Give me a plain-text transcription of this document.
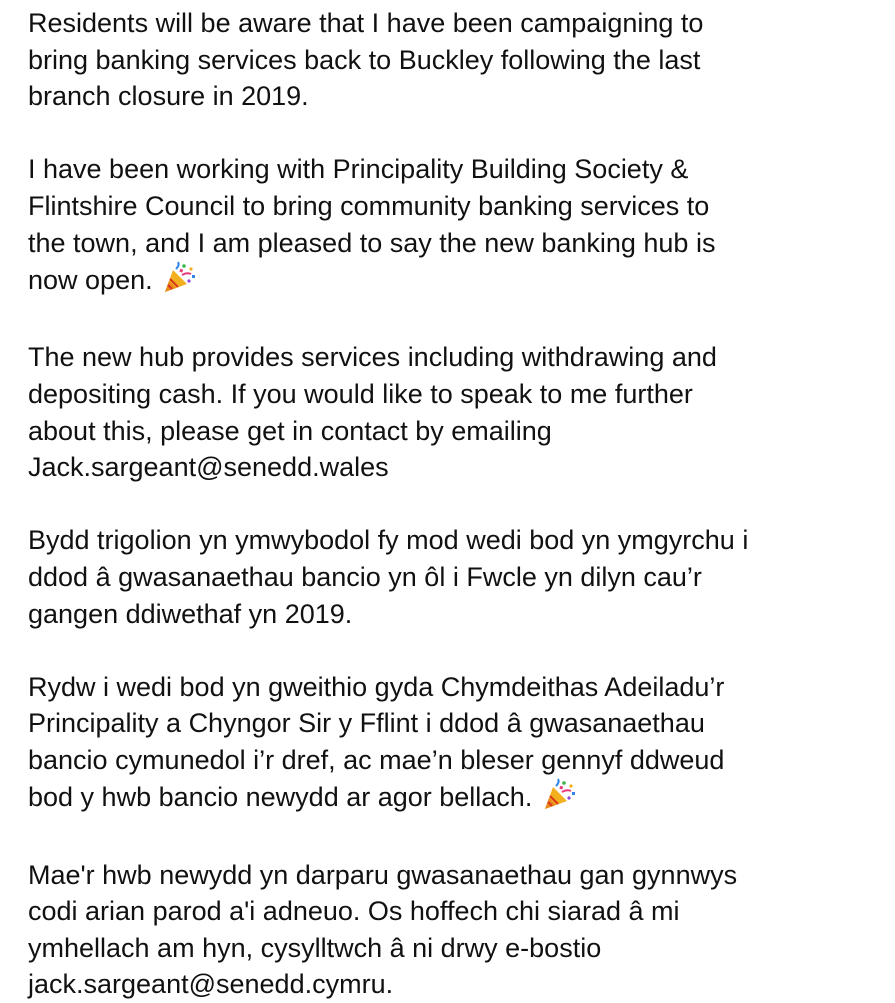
Residents will be aware that I have been campaigning to
bring banking services back to Buckley following the last
branch closure in 2019.

I have been working with Principality Building Society &
Flintshire Council to bring community banking services to
the town, and I am pleased to say the new banking hub is
now open.

The new hub provides services including withdrawing and
depositing cash. If you would like to speak to me further
about this, please get in contact by emailing
Jack.sargeant@senedd.wales

Bydd trigolion yn ymwybodol fy mod wedi bod yn ymgyrchu i
ddod â gwasanaethau bancio yn ôl i Fwcle yn dilyn cau’r
gangen ddiwethaf yn 2019.

Rydw i wedi bod yn gweithio gyda Chymdeithas Adeiladu’r
Principality a Chyngor Sir y Fflint i ddod â gwasanaethau
bancio cymunedol i’r dref, ac mae’n bleser gennyf ddweud
bod y hwb bancio newydd ar agor bellach.

Mae'r hwb newydd yn darparu gwasanaethau gan gynnwys
codi arian parod a'i adneuo. Os hoffech chi siarad â mi
ymhellach am hyn, cysylltwch â ni drwy e-bostio
jack.sargeant@senedd.cymru.
